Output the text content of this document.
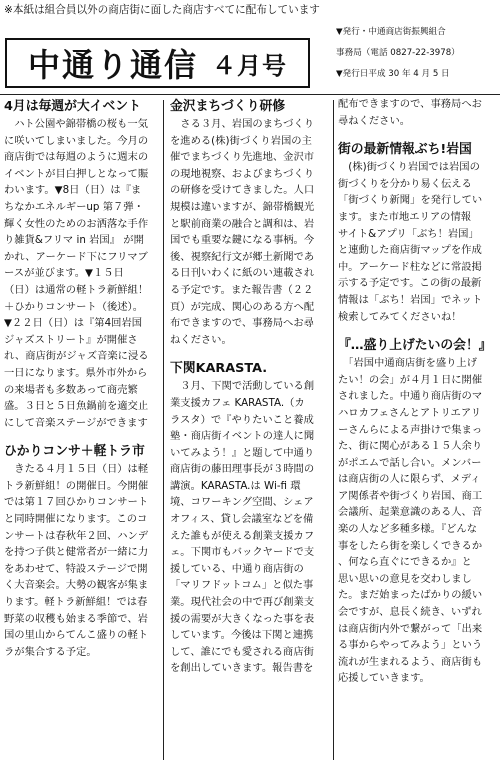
※本紙は組合員以外の商店街に面した商店すべてに配布しています
中通り通信 ４月号
▼発行・中通商店街振興組合
事務局（電話 0827-22-3978）
▼発行日平成 30 年 4 月 5 日
4月は毎週が大イベント
　ハト公園や錦帯橋の桜も一気
に咲いてしまいました。今月の
商店街では毎週のように週末の
イベントが目白押しとなって賑
わいます。▼8日（日）は『ま
ちなかエネルギーup 第７弾・
輝く女性のためのお洒落な手作
り雑貨&フリマ in 岩国』 が開
かれ、アーケード下にフリマブ
ースが並びます。▼１５日
（日）は通常の軽トラ新鮮組！
＋ひかりコンサート（後述）。
▼２２日（日）は『第4回岩国
ジャズストリート』が開催さ
れ、商店街がジャズ音楽に浸る
一日になります。県外市外から
の来場者も多数あって商売繁
盛。３日と５日魚鍋前を適交止
にして音楽ステージができます
ひかりコンサ＋軽トラ市
　きたる４月１５日（日）は軽
トラ新鮮組！の開催日。今開催
では第１７回ひかりコンサート
と同時開催になります。このコ
ンサートは春秋年２回、ハンデ
を持つ子供と健常者が一緒に力
をあわせて、特設ステージで開
く大音楽会。大勢の観客が集ま
ります。軽トラ新鮮組！では春
野菜の収穫も始まる季節で、岩
国の里山からてんこ盛りの軽ト
ラが集合する予定。
金沢まちづくり研修
　さる３月、岩国のまちづくり
を進める(株)街づくり岩国の主
催でまちづくり先進地、金沢市
の現地視察、およびまちづくり
の研修を受けてきました。人口
規模は違いますが、錦帯橋観光
と駅前商業の融合と調和は、岩
国でも重要な鍵になる事柄。今
後、視察紀行文が郷土新聞であ
る日刊いわくに紙のい連載され
る予定です。また報告書（２２
頁）が完成、関心のある方へ配
布できますので、事務局へお尋
ねください。
下関KARASTA.
　３月、下関で活動している創
業支援カフェ KARASTA.（カ
ラスタ）で『やりたいこと養成
塾・商店街イベントの達人に聞
いてみよう！』と題して中通り
商店街の藤田理事長が３時間の
講演。KARASTA.は Wi-fi 環
境、コワーキング空間、シェア
オフィス、貸し会議室などを備
えた誰もが使える創業支援カフ
ェ。下関市もバックヤードで支
援している、中通り商店街の
「マリフドットコム」と似た事
業。現代社会の中で再び創業支
援の需要が大きくなった事を表
しています。今後は下関と連携
して、誰にでも愛される商店街
を創出していきます。報告書を
配布できますので、事務局へお
尋ねください。
街の最新情報ぶち!岩国
　(株)街づくり岩国では岩国の
街づくりを分かり易く伝える
「街づくり新聞」を発行してい
ます。また市地エリアの情報
サイト&アプリ「ぶち！岩国」
と連動した商店街マップを作成
中。アーケード柱などに常設掲
示する予定です。この街の最新
情報は「ぶち！岩国」でネット
検索してみてくださいね！
『…盛り上げたいの会！』
　「岩国中通商店街を盛り上げ
たい！の会」が４月１日に開催
されました。中通り商店街のマ
ハロカフェさんとアトリエアリ
ーさんらによる声掛けで集まっ
た、街に関心がある１５人余り
がポエムで話し合い。メンバー
は商店街の人に限らず、メディ
ア関係者や街づくり岩国、商工
会議所、起業意識のある人、音
楽の人など多種多様。『どんな
事をしたら街を楽しくできるか
、何なら直ぐにできるか』と
思い思いの意見を交わしまし
た。まだ始まったばかりの緩い
会ですが、息長く続き、いずれ
は商店街内外で繋がって「出来
る事からやってみよう」という
流れが生まれるよう、商店街も
応援していきます。
